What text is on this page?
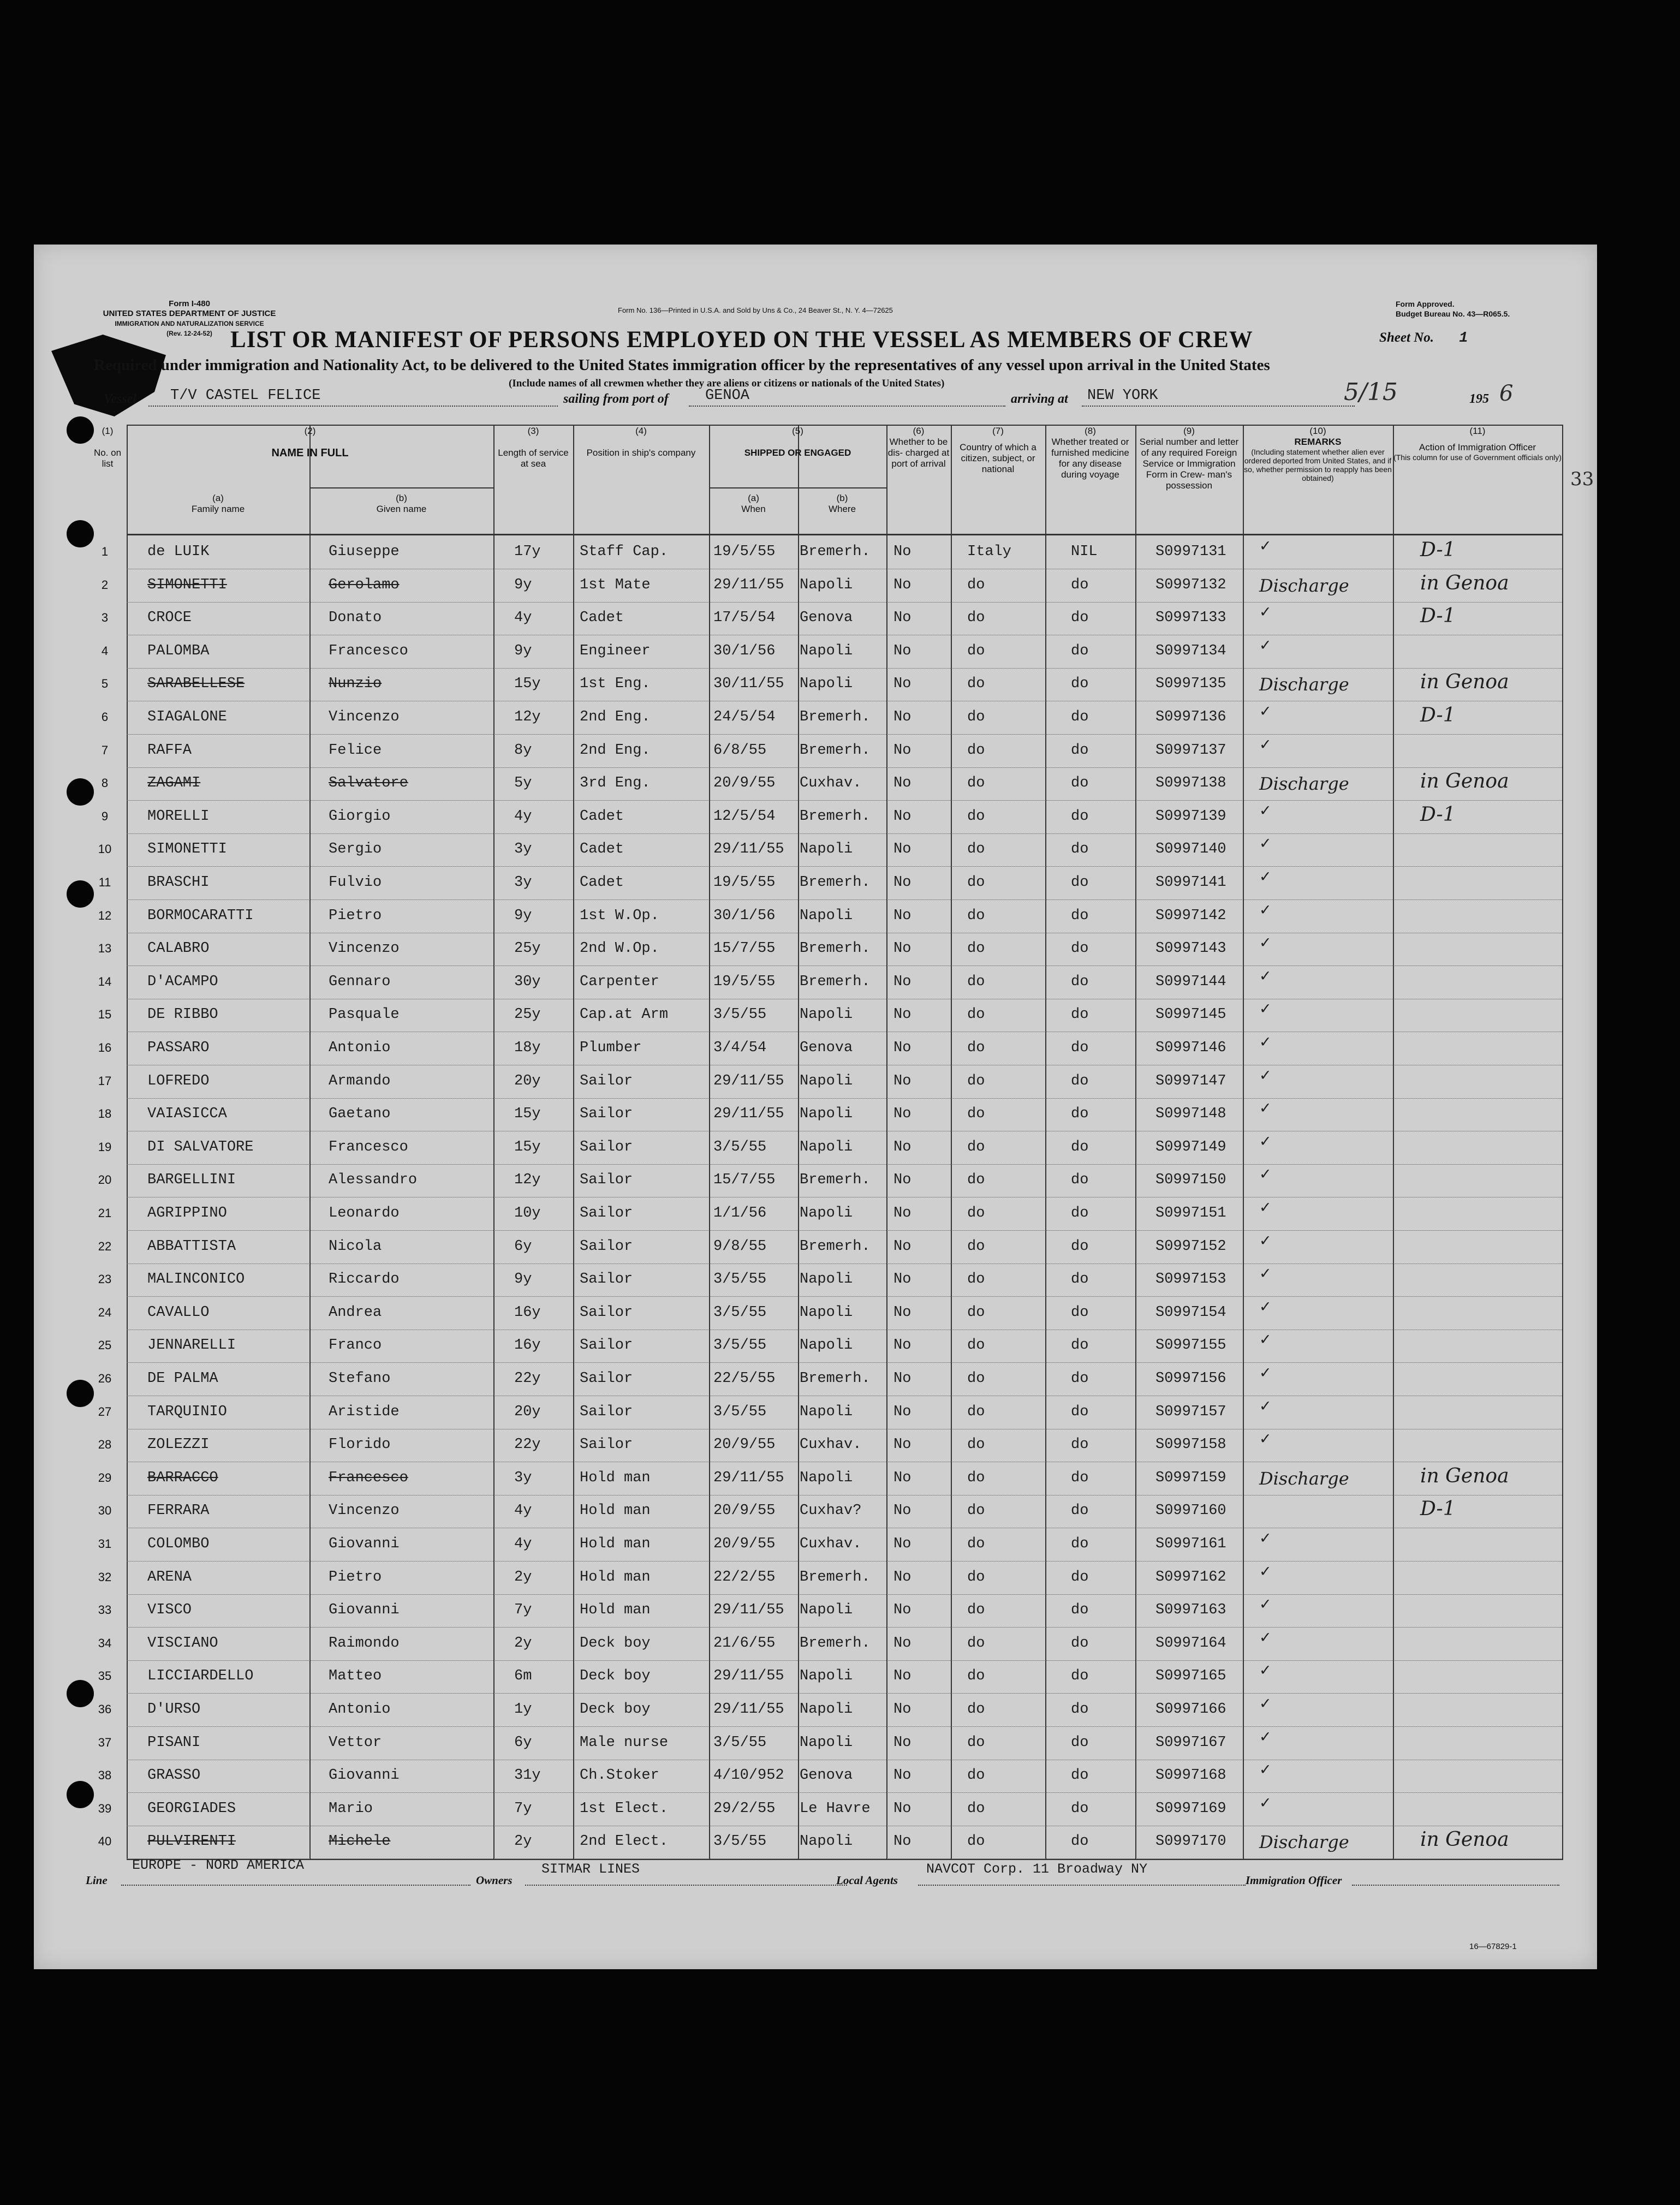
Form I-480
UNITED STATES DEPARTMENT OF JUSTICE
IMMIGRATION AND NATURALIZATION SERVICE
(Rev. 12-24-52)
Form No. 136—Printed in U.S.A. and Sold by Uns & Co., 24 Beaver St., N. Y. 4—72625
Form Approved.
Budget Bureau No. 43—R065.5.
LIST OR MANIFEST OF PERSONS EMPLOYED ON THE VESSEL AS MEMBERS OF CREW	Sheet No. 1
Required under immigration and Nationality Act, to be delivered to the United States immigration officer by the representatives of any vessel upon arrival in the United States
(Include names of all crewmen whether they are aliens or citizens or nationals of the United States)
Vessel T/V CASTEL FELICE	sailing from port of GENOA	arriving at NEW YORK	5/15	195 6
(1)
No. on list
(2)
NAME IN FULL
(a)
Family name
(b)
Given name
(3)
Length of service at sea
(4)
Position in ship's company
(5)
SHIPPED OR ENGAGED
(a)
When
(b)
Where
(6)
Whether to be dis- charged at port of arrival
(7)
Country of which a citizen, subject, or national
(8)
Whether treated or furnished medicine for any disease during voyage
(9)
Serial number and letter of any required Foreign Service or Immigration Form in Crew- man's possession
(10)
REMARKS
(Including statement whether alien ever ordered deported from United States, and if so, whether permission to reapply has been obtained)
(11)
Action of Immigration Officer
(This column for use of Government officials only)
33
1	de LUIK	Giuseppe	17y	Staff Cap.	19/5/55 Bremerh. No	Italy	NIL	S0997131 ✓	D-1
2	SIMONETTI	Gerolamo	9y	1st Mate	29/11/55 Napoli	No	do	do	S0997132 Discharge	in Genoa
3	CROCE	Donato	4y	Cadet	17/5/54 Genova	No	do	do	S0997133 ✓	D-1
4	PALOMBA	Francesco	9y	Engineer	30/1/56 Napoli	No	do	do	S0997134 ✓
5	SARABELLESE	Nunzio	15y	1st Eng.	30/11/55 Napoli	No	do	do	S0997135 Discharge	in Genoa
6	SIAGALONE	Vincenzo	12y	2nd Eng.	24/5/54 Bremerh. No	do	do	S0997136 ✓	D-1
7	RAFFA	Felice	8y	2nd Eng.	6/8/55 Bremerh. No	do	do	S0997137 ✓
8	ZAGAMI	Salvatore	5y	3rd Eng.	20/9/55 Cuxhav. No	do	do	S0997138 Discharge	in Genoa
9	MORELLI	Giorgio	4y	Cadet	12/5/54 Bremerh. No	do	do	S0997139 ✓	D-1
10	SIMONETTI	Sergio	3y	Cadet	29/11/55 Napoli	No	do	do	S0997140 ✓
11	BRASCHI	Fulvio	3y	Cadet	19/5/55 Bremerh. No	do	do	S0997141 ✓
12	BORMOCARATTI	Pietro	9y	1st W.Op.	30/1/56 Napoli	No	do	do	S0997142 ✓
13	CALABRO	Vincenzo	25y	2nd W.Op.	15/7/55 Bremerh. No	do	do	S0997143 ✓
14	D'ACAMPO	Gennaro	30y	Carpenter	19/5/55 Bremerh. No	do	do	S0997144 ✓
15	DE RIBBO	Pasquale	25y	Cap.at Arm	3/5/55 Napoli	No	do	do	S0997145 ✓
16	PASSARO	Antonio	18y	Plumber	3/4/54 Genova	No	do	do	S0997146 ✓
17	LOFREDO	Armando	20y	Sailor	29/11/55 Napoli	No	do	do	S0997147 ✓
18	VAIASICCA	Gaetano	15y	Sailor	29/11/55 Napoli	No	do	do	S0997148 ✓
19	DI SALVATORE	Francesco	15y	Sailor	3/5/55 Napoli	No	do	do	S0997149 ✓
20	BARGELLINI	Alessandro	12y	Sailor	15/7/55 Bremerh. No	do	do	S0997150 ✓
21	AGRIPPINO	Leonardo	10y	Sailor	1/1/56 Napoli	No	do	do	S0997151 ✓
22	ABBATTISTA	Nicola	6y	Sailor	9/8/55 Bremerh. No	do	do	S0997152 ✓
23	MALINCONICO	Riccardo	9y	Sailor	3/5/55 Napoli	No	do	do	S0997153 ✓
24	CAVALLO	Andrea	16y	Sailor	3/5/55 Napoli	No	do	do	S0997154 ✓
25	JENNARELLI	Franco	16y	Sailor	3/5/55 Napoli	No	do	do	S0997155 ✓
26	DE PALMA	Stefano	22y	Sailor	22/5/55 Bremerh. No	do	do	S0997156 ✓
27	TARQUINIO	Aristide	20y	Sailor	3/5/55 Napoli	No	do	do	S0997157 ✓
28	ZOLEZZI	Florido	22y	Sailor	20/9/55 Cuxhav. No	do	do	S0997158 ✓
29	BARRACCO	Francesco	3y	Hold man	29/11/55 Napoli	No	do	do	S0997159 Discharge	in Genoa
30	FERRARA	Vincenzo	4y	Hold man	20/9/55 Cuxhav? No	do	do	S0997160	D-1
31	COLOMBO	Giovanni	4y	Hold man	20/9/55 Cuxhav. No	do	do	S0997161 ✓
32	ARENA	Pietro	2y	Hold man	22/2/55 Bremerh. No	do	do	S0997162 ✓
33	VISCO	Giovanni	7y	Hold man	29/11/55 Napoli	No	do	do	S0997163 ✓
34	VISCIANO	Raimondo	2y	Deck boy	21/6/55 Bremerh. No	do	do	S0997164 ✓
35	LICCIARDELLO	Matteo	6m	Deck boy	29/11/55 Napoli	No	do	do	S0997165 ✓
36	D'URSO	Antonio	1y	Deck boy	29/11/55 Napoli	No	do	do	S0997166 ✓
37	PISANI	Vettor	6y	Male nurse	3/5/55 Napoli	No	do	do	S0997167 ✓
38	GRASSO	Giovanni	31y	Ch.Stoker	4/10/952 Genova	No	do	do	S0997168 ✓
39	GEORGIADES	Mario	7y	1st Elect.	29/2/55 Le Havre No	do	do	S0997169 ✓
40	PULVIRENTI	Michele	2y	2nd Elect.	3/5/55 Napoli	No	do	do	S0997170 Discharge	in Genoa
Line
EUROPE - NORD AMERICA
Owners
SITMAR LINES
Local Agents
NAVCOT Corp. 11 Broadway NY
Immigration Officer
16—67829-1
